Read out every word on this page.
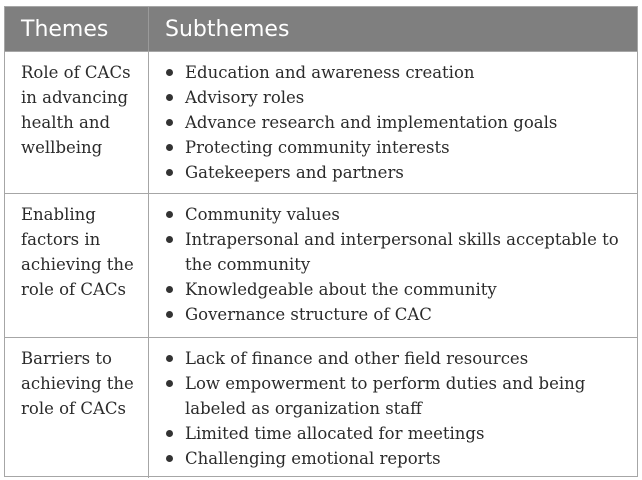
Themes	Subthemes
Role of CACs in advancing health and wellbeing
Education and awareness creation
Advisory roles
Advance research and implementation goals
Protecting community interests
Gatekeepers and partners
Enabling factors in achieving the role of CACs
Community values
Intrapersonal and interpersonal skills acceptable to the community
Knowledgeable about the community
Governance structure of CAC
Barriers to achieving the role of CACs
Lack of finance and other field resources
Low empowerment to perform duties and being labeled as organization staff
Limited time allocated for meetings
Challenging emotional reports
